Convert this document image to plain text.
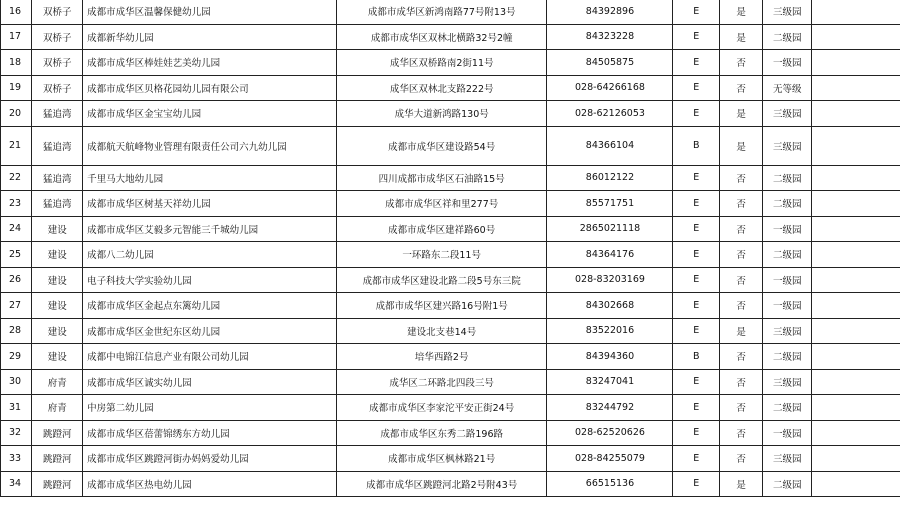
16	双桥子	成都市成华区温馨保健幼儿园	成都市成华区新鸿南路77号附13号	84392896	E	是	三级园	
17	双桥子	成都新华幼儿园	成都市成华区双林北横路32号2幢	84323228	E	是	二级园	
18	双桥子	成都市成华区棒娃娃艺美幼儿园	成华区双桥路南2街11号	84505875	E	否	一级园	
19	双桥子	成都市成华区贝格花园幼儿园有限公司	成华区双林北支路222号	028-64266168	E	否	无等级	
20	猛追湾	成都市成华区金宝宝幼儿园	成华大道新鸿路130号	028-62126053	E	是	三级园	
21	猛追湾	成都航天航峰物业管理有限责任公司六九幼儿园	成都市成华区建设路54号	84366104	B	是	三级园	
22	猛追湾	千里马大地幼儿园	四川成都市成华区石油路15号	86012122	E	否	二级园	
23	猛追湾	成都市成华区树基天祥幼儿园	成都市成华区祥和里277号	85571751	E	否	二级园	
24	建设	成都市成华区艾毅多元智能三千城幼儿园	成都市成华区建祥路60号	2865021118	E	否	一级园	
25	建设	成都八二幼儿园	一环路东二段11号	84364176	E	否	二级园	
26	建设	电子科技大学实验幼儿园	成都市成华区建设北路二段5号东三院	028-83203169	E	否	一级园	
27	建设	成都市成华区金起点东篱幼儿园	成都市成华区建兴路16号附1号	84302668	E	否	一级园	
28	建设	成都市成华区金世纪东区幼儿园	建设北支巷14号	83522016	E	是	三级园	
29	建设	成都中电锦江信息产业有限公司幼儿园	培华西路2号	84394360	B	否	二级园	
30	府青	成都市成华区诚实幼儿园	成华区二环路北四段三号	83247041	E	否	三级园	
31	府青	中房第二幼儿园	成都市成华区李家沱平安正街24号	83244792	E	否	二级园	
32	跳蹬河	成都市成华区蓓蕾锦绣东方幼儿园	成都市成华区东秀二路196路	028-62520626	E	否	一级园	
33	跳蹬河	成都市成华区跳蹬河街办妈妈爱幼儿园	成都市成华区枫林路21号	028-84255079	E	否	三级园	
34	跳蹬河	成都市成华区热电幼儿园	成都市成华区跳蹬河北路2号附43号	66515136	E	是	二级园	
